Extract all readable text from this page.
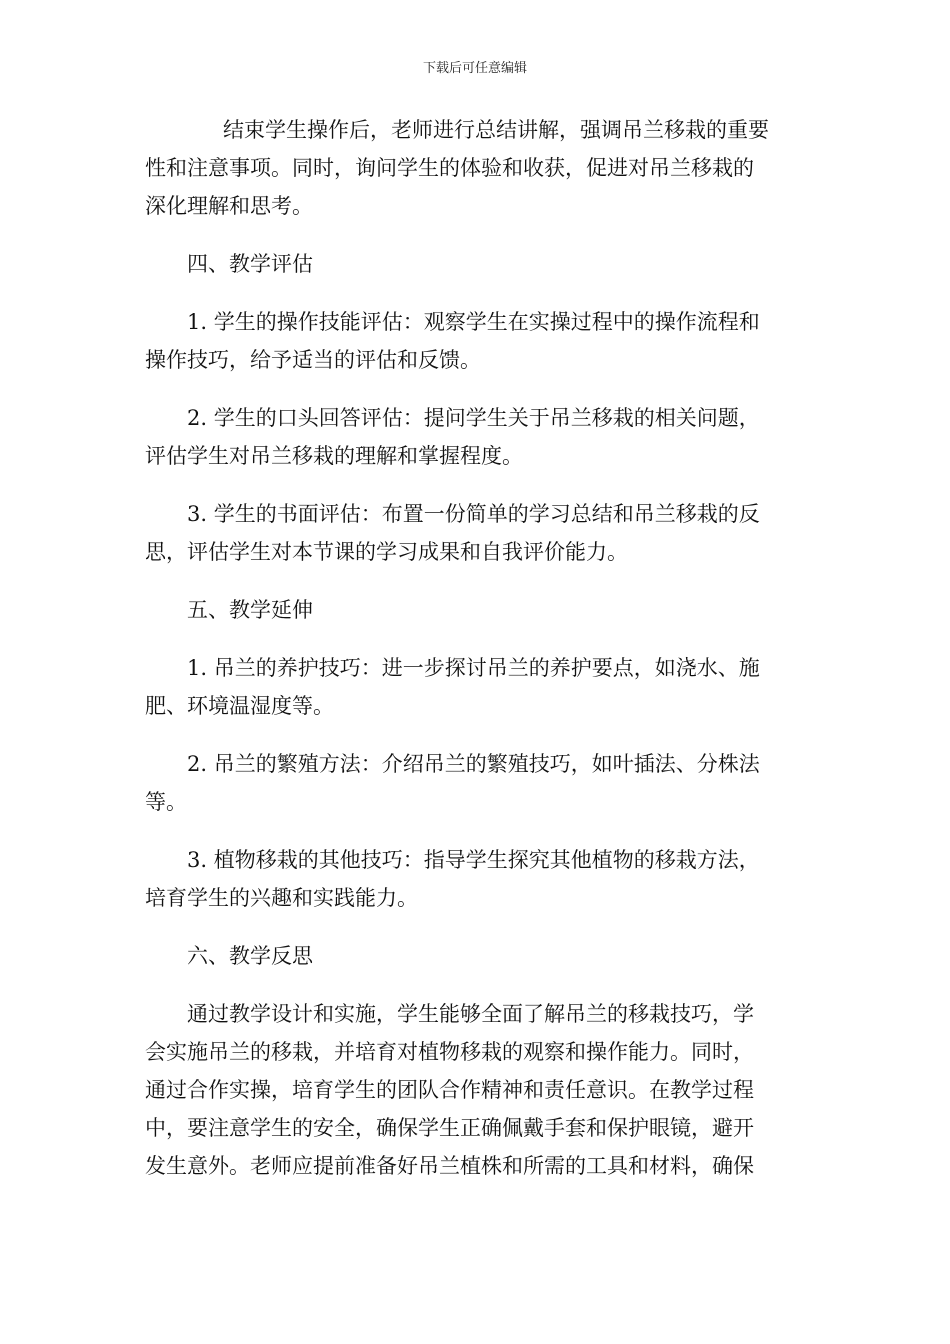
下载后可任意编辑
结束学生操作后，老师进行总结讲解，强调吊兰移栽的重要
性和注意事项。同时，询问学生的体验和收获，促进对吊兰移栽的
深化理解和思考。
四、教学评估
1. 学生的操作技能评估：观察学生在实操过程中的操作流程和
操作技巧，给予适当的评估和反馈。
2. 学生的口头回答评估：提问学生关于吊兰移栽的相关问题，
评估学生对吊兰移栽的理解和掌握程度。
3. 学生的书面评估：布置一份简单的学习总结和吊兰移栽的反
思，评估学生对本节课的学习成果和自我评价能力。
五、教学延伸
1. 吊兰的养护技巧：进一步探讨吊兰的养护要点，如浇水、施
肥、环境温湿度等。
2. 吊兰的繁殖方法：介绍吊兰的繁殖技巧，如叶插法、分株法
等。
3. 植物移栽的其他技巧：指导学生探究其他植物的移栽方法，
培育学生的兴趣和实践能力。
六、教学反思
通过教学设计和实施，学生能够全面了解吊兰的移栽技巧，学
会实施吊兰的移栽，并培育对植物移栽的观察和操作能力。同时，
通过合作实操，培育学生的团队合作精神和责任意识。在教学过程
中，要注意学生的安全，确保学生正确佩戴手套和保护眼镜，避开
发生意外。老师应提前准备好吊兰植株和所需的工具和材料，确保
